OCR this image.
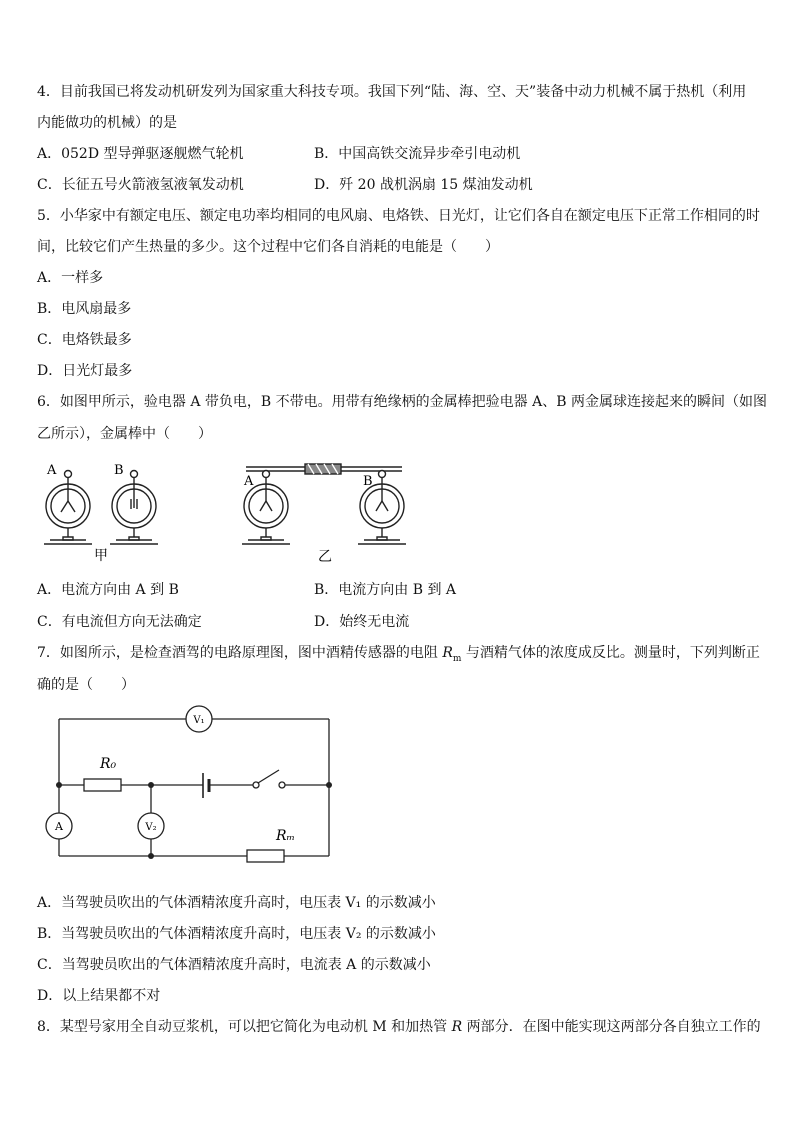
4．目前我国已将发动机研发列为国家重大科技专项。我国下列“陆、海、空、天”装备中动力机械不属于热机（利用
内能做功的机械）的是
A．052D 型导弹驱逐舰燃气轮机	B．中国高铁交流异步牵引电动机
C．长征五号火箭液氢液氧发动机	D．歼 20 战机涡扇 15 煤油发动机
5．小华家中有额定电压、额定电功率均相同的电风扇、电烙铁、日光灯，让它们各自在额定电压下正常工作相同的时
间，比较它们产生热量的多少。这个过程中它们各自消耗的电能是（　　）
A．一样多
B．电风扇最多
C．电烙铁最多
D．日光灯最多
6．如图甲所示，验电器 A 带负电，B 不带电。用带有绝缘柄的金属棒把验电器 A、B 两金属球连接起来的瞬间（如图
乙所示），金属棒中（　　）
A	B
甲
A	B
乙
A．电流方向由 A 到 B	B．电流方向由 B 到 A
C．有电流但方向无法确定	D．始终无电流
7．如图所示，是检查酒驾的电路原理图，图中酒精传感器的电阻 $R_m$ 与酒精气体的浓度成反比。测量时，下列判断正
确的是（　　）
V₁
A	V₂
R₀
Rₘ
A．当驾驶员吹出的气体酒精浓度升高时，电压表 V₁ 的示数减小
B．当驾驶员吹出的气体酒精浓度升高时，电压表 V₂ 的示数减小
C．当驾驶员吹出的气体酒精浓度升高时，电流表 A 的示数减小
D．以上结果都不对
8．某型号家用全自动豆浆机，可以把它简化为电动机 M 和加热管 R 两部分．在图中能实现这两部分各自独立工作的
